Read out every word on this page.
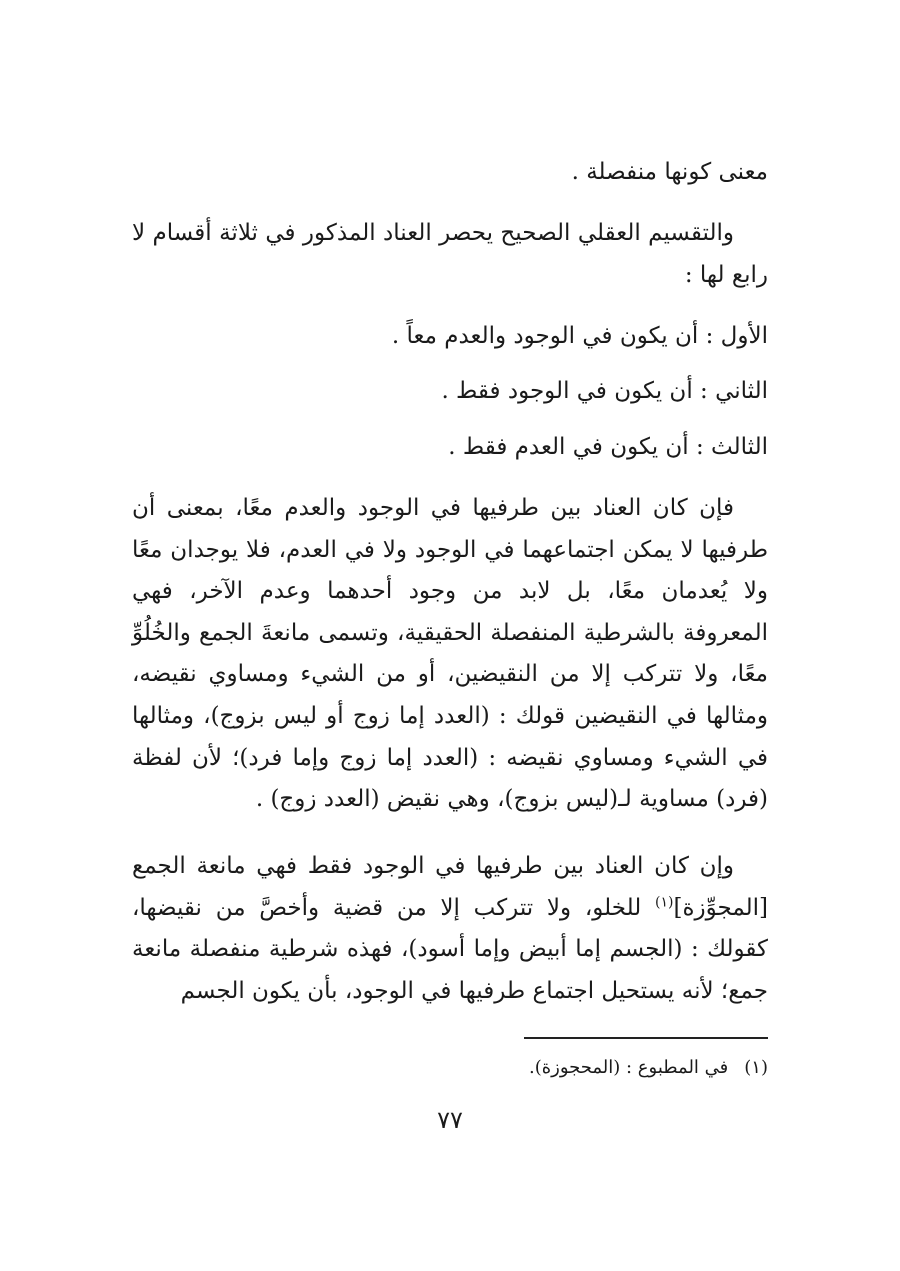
معنى كونها منفصلة .
والتقسيم العقلي الصحيح يحصر العناد المذكور في ثلاثة أقسام لا رابع لها :
الأول : أن يكون في الوجود والعدم معاً .
الثاني : أن يكون في الوجود فقط .
الثالث : أن يكون في العدم فقط .
فإن كان العناد بين طرفيها في الوجود والعدم معًا، بمعنى أن طرفيها لا يمكن اجتماعهما في الوجود ولا في العدم، فلا يوجدان معًا ولا يُعدمان معًا، بل لابد من وجود أحدهما وعدم الآخر، فهي المعروفة بالشرطية المنفصلة الحقيقية، وتسمى مانعةَ الجمع والخُلُوِّ معًا، ولا تتركب إلا من النقيضين، أو من الشيء ومساوي نقيضه، ومثالها في النقيضين قولك : (العدد إما زوج أو ليس بزوج)، ومثالها في الشيء ومساوي نقيضه : (العدد إما زوج وإما فرد)؛ لأن لفظة (فرد) مساوية لـ(ليس بزوج)، وهي نقيض (العدد زوج) .
وإن كان العناد بين طرفيها في الوجود فقط فهي مانعة الجمع [المجوِّزة]$^{(١)}$ للخلو، ولا تتركب إلا من قضية وأخصَّ من نقيضها، كقولك : (الجسم إما أبيض وإما أسود)، فهذه شرطية منفصلة مانعة جمع؛ لأنه يستحيل اجتماع طرفيها في الوجود، بأن يكون الجسم
(١)في المطبوع : (المحجوزة).
٧٧
